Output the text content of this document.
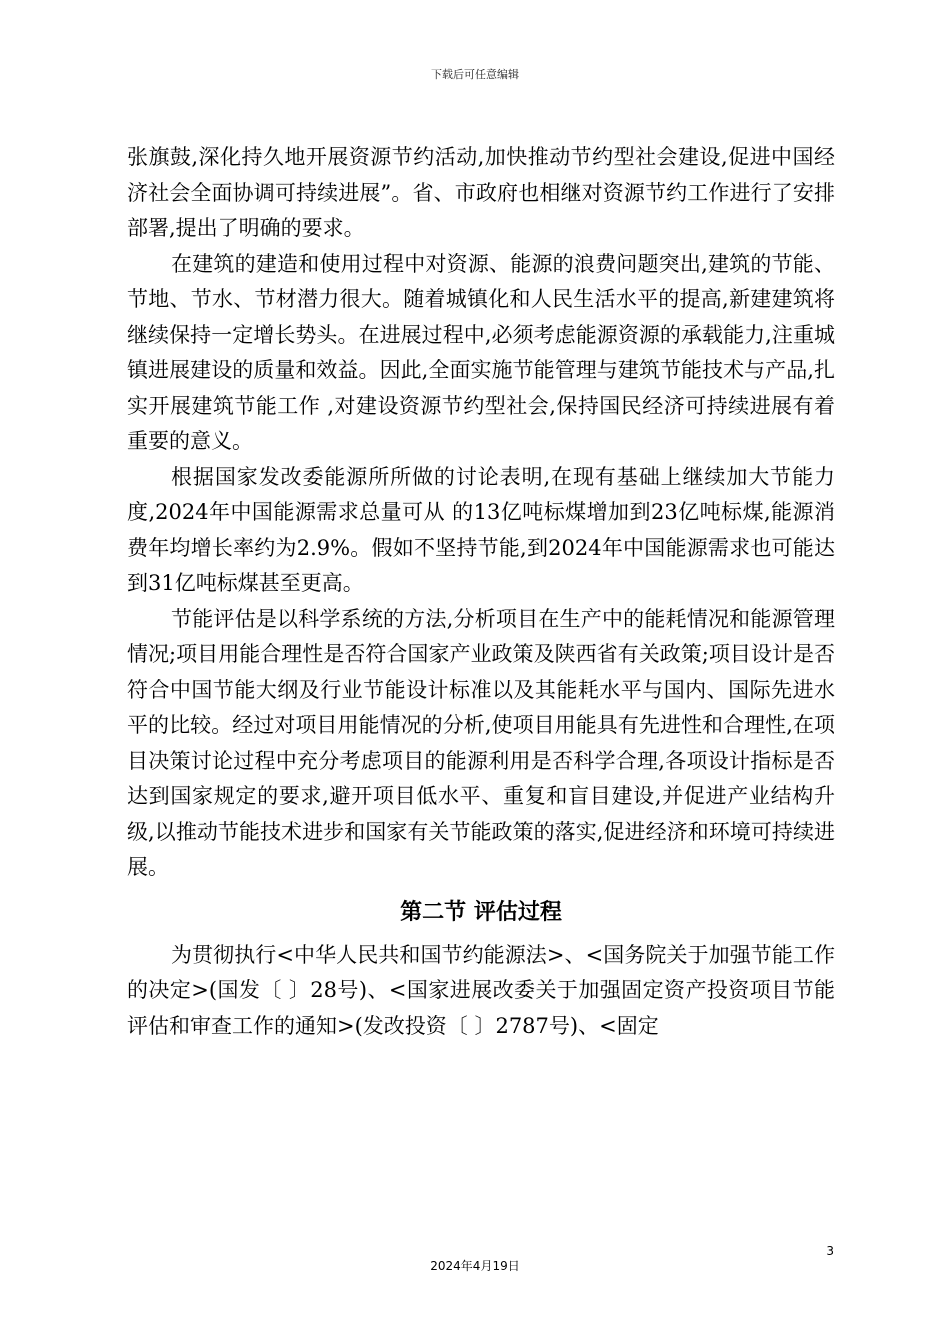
下载后可任意编辑

张旗鼓,深化持久地开展资源节约活动,加快推动节约型社会建设,促进中国经济社会全面协调可持续进展”。省、市政府也相继对资源节约工作进行了安排部署,提出了明确的要求。

在建筑的建造和使用过程中对资源、能源的浪费问题突出,建筑的节能、节地、节水、节材潜力很大。随着城镇化和人民生活水平的提高,新建建筑将继续保持一定增长势头。在进展过程中,必须考虑能源资源的承载能力,注重城镇进展建设的质量和效益。因此,全面实施节能管理与建筑节能技术与产品,扎实开展建筑节能工作 ,对建设资源节约型社会,保持国民经济可持续进展有着重要的意义。

根据国家发改委能源所所做的讨论表明,在现有基础上继续加大节能力度,2024年中国能源需求总量可从 的13亿吨标煤增加到23亿吨标煤,能源消费年均增长率约为2.9%。假如不坚持节能,到2024年中国能源需求也可能达到31亿吨标煤甚至更高。

节能评估是以科学系统的方法,分析项目在生产中的能耗情况和能源管理情况;项目用能合理性是否符合国家产业政策及陕西省有关政策;项目设计是否符合中国节能大纲及行业节能设计标准以及其能耗水平与国内、国际先进水平的比较。经过对项目用能情况的分析,使项目用能具有先进性和合理性,在项目决策讨论过程中充分考虑项目的能源利用是否科学合理,各项设计指标是否达到国家规定的要求,避开项目低水平、重复和盲目建设,并促进产业结构升级,以推动节能技术进步和国家有关节能政策的落实,促进经济和环境可持续进展。

第二节 评估过程

为贯彻执行<中华人民共和国节约能源法>、<国务院关于加强节能工作的决定>(国发〔 〕28号)、<国家进展改委关于加强固定资产投资项目节能评估和审查工作的通知>(发改投资〔 〕2787号)、<固定

3
2024年4月19日
